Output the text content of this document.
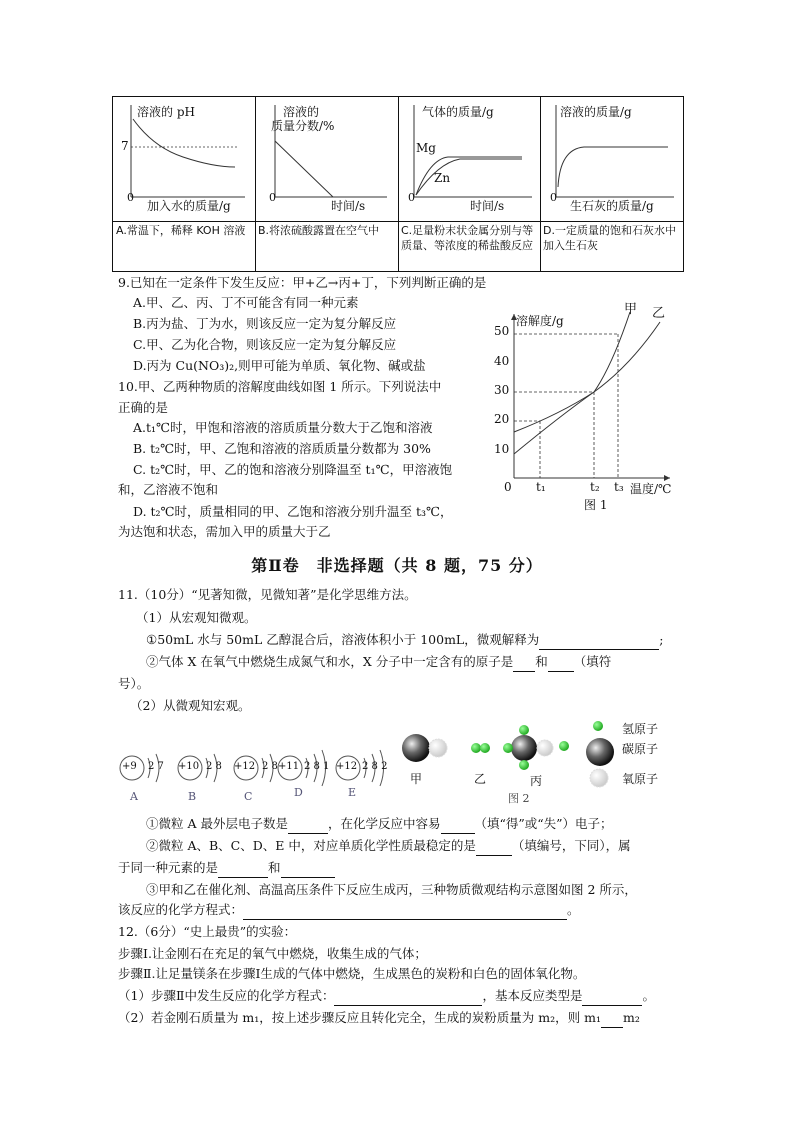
溶液的 pH
7
0
加入水的质量/g
A.常温下，稀释 KOH 溶液
溶液的
质量分数/%
0
时间/s
B.将浓硫酸露置在空气中
气体的质量/g
Mg
Zn
0
时间/s
C.足量粉末状金属分别与等质量、等浓度的稀盐酸反应
溶液的质量/g
0
生石灰的质量/g
D.一定质量的饱和石灰水中加入生石灰
9.已知在一定条件下发生反应：甲+乙→丙+丁，下列判断正确的是
A.甲、乙、丙、丁不可能含有同一种元素
B.丙为盐、丁为水，则该反应一定为复分解反应
C.甲、乙为化合物，则该反应一定为复分解反应
D.丙为 Cu(NO₃)₂,则甲可能为单质、氧化物、碱或盐
10.甲、乙两种物质的溶解度曲线如图 1 所示。下列说法中
正确的是
A.t₁℃时，甲饱和溶液的溶质质量分数大于乙饱和溶液
B. t₂℃时，甲、乙饱和溶液的溶质质量分数都为 30%
C. t₂℃时，甲、乙的饱和溶液分别降温至 t₁℃，甲溶液饱
和，乙溶液不饱和
D. t₂℃时，质量相同的甲、乙饱和溶液分别升温至 t₃℃，
为达饱和状态，需加入甲的质量大于乙
溶解度/g
甲 乙
50
40
30
20
10
0 t₁	t₂ t₃ 温度/℃
图 1
第Ⅱ卷　非选择题（共 8 题，75 分）
11.（10分）“见著知微，见微知著”是化学思维方法。
（1）从宏观知微观。
①50mL 水与 50mL 乙醇混合后，溶液体积小于 100mL，微观解释为	;
②气体 X 在氧气中燃烧生成氮气和水，X 分子中一定含有的原子是 和 （填符
号）。
（2）从微观知宏观。
+9 2 7
A
+10 2 8
B
+12 2 8
C
+11 2 8 1
D
+12 2 8 2
E
甲	乙	丙
图 2
氢原子
碳原子
氧原子
①微粒 A 最外层电子数是	，在化学反应中容易	（填“得”或“失”）电子；
②微粒 A、B、C、D、E 中，对应单质化学性质最稳定的是	（填编号，下同），属
于同一种元素的是	和
③甲和乙在催化剂、高温高压条件下反应生成丙，三种物质微观结构示意图如图 2 所示，
该反应的化学方程式：	。
12.（6分）“史上最贵”的实验：
步骤Ⅰ.让金刚石在充足的氧气中燃烧，收集生成的气体；
步骤Ⅱ.让足量镁条在步骤Ⅰ生成的气体中燃烧，生成黑色的炭粉和白色的固体氧化物。
（1）步骤Ⅱ中发生反应的化学方程式：	，基本反应类型是	。
（2）若金刚石质量为 m₁，按上述步骤反应且转化完全，生成的炭粉质量为 m₂，则 m₁ m₂
